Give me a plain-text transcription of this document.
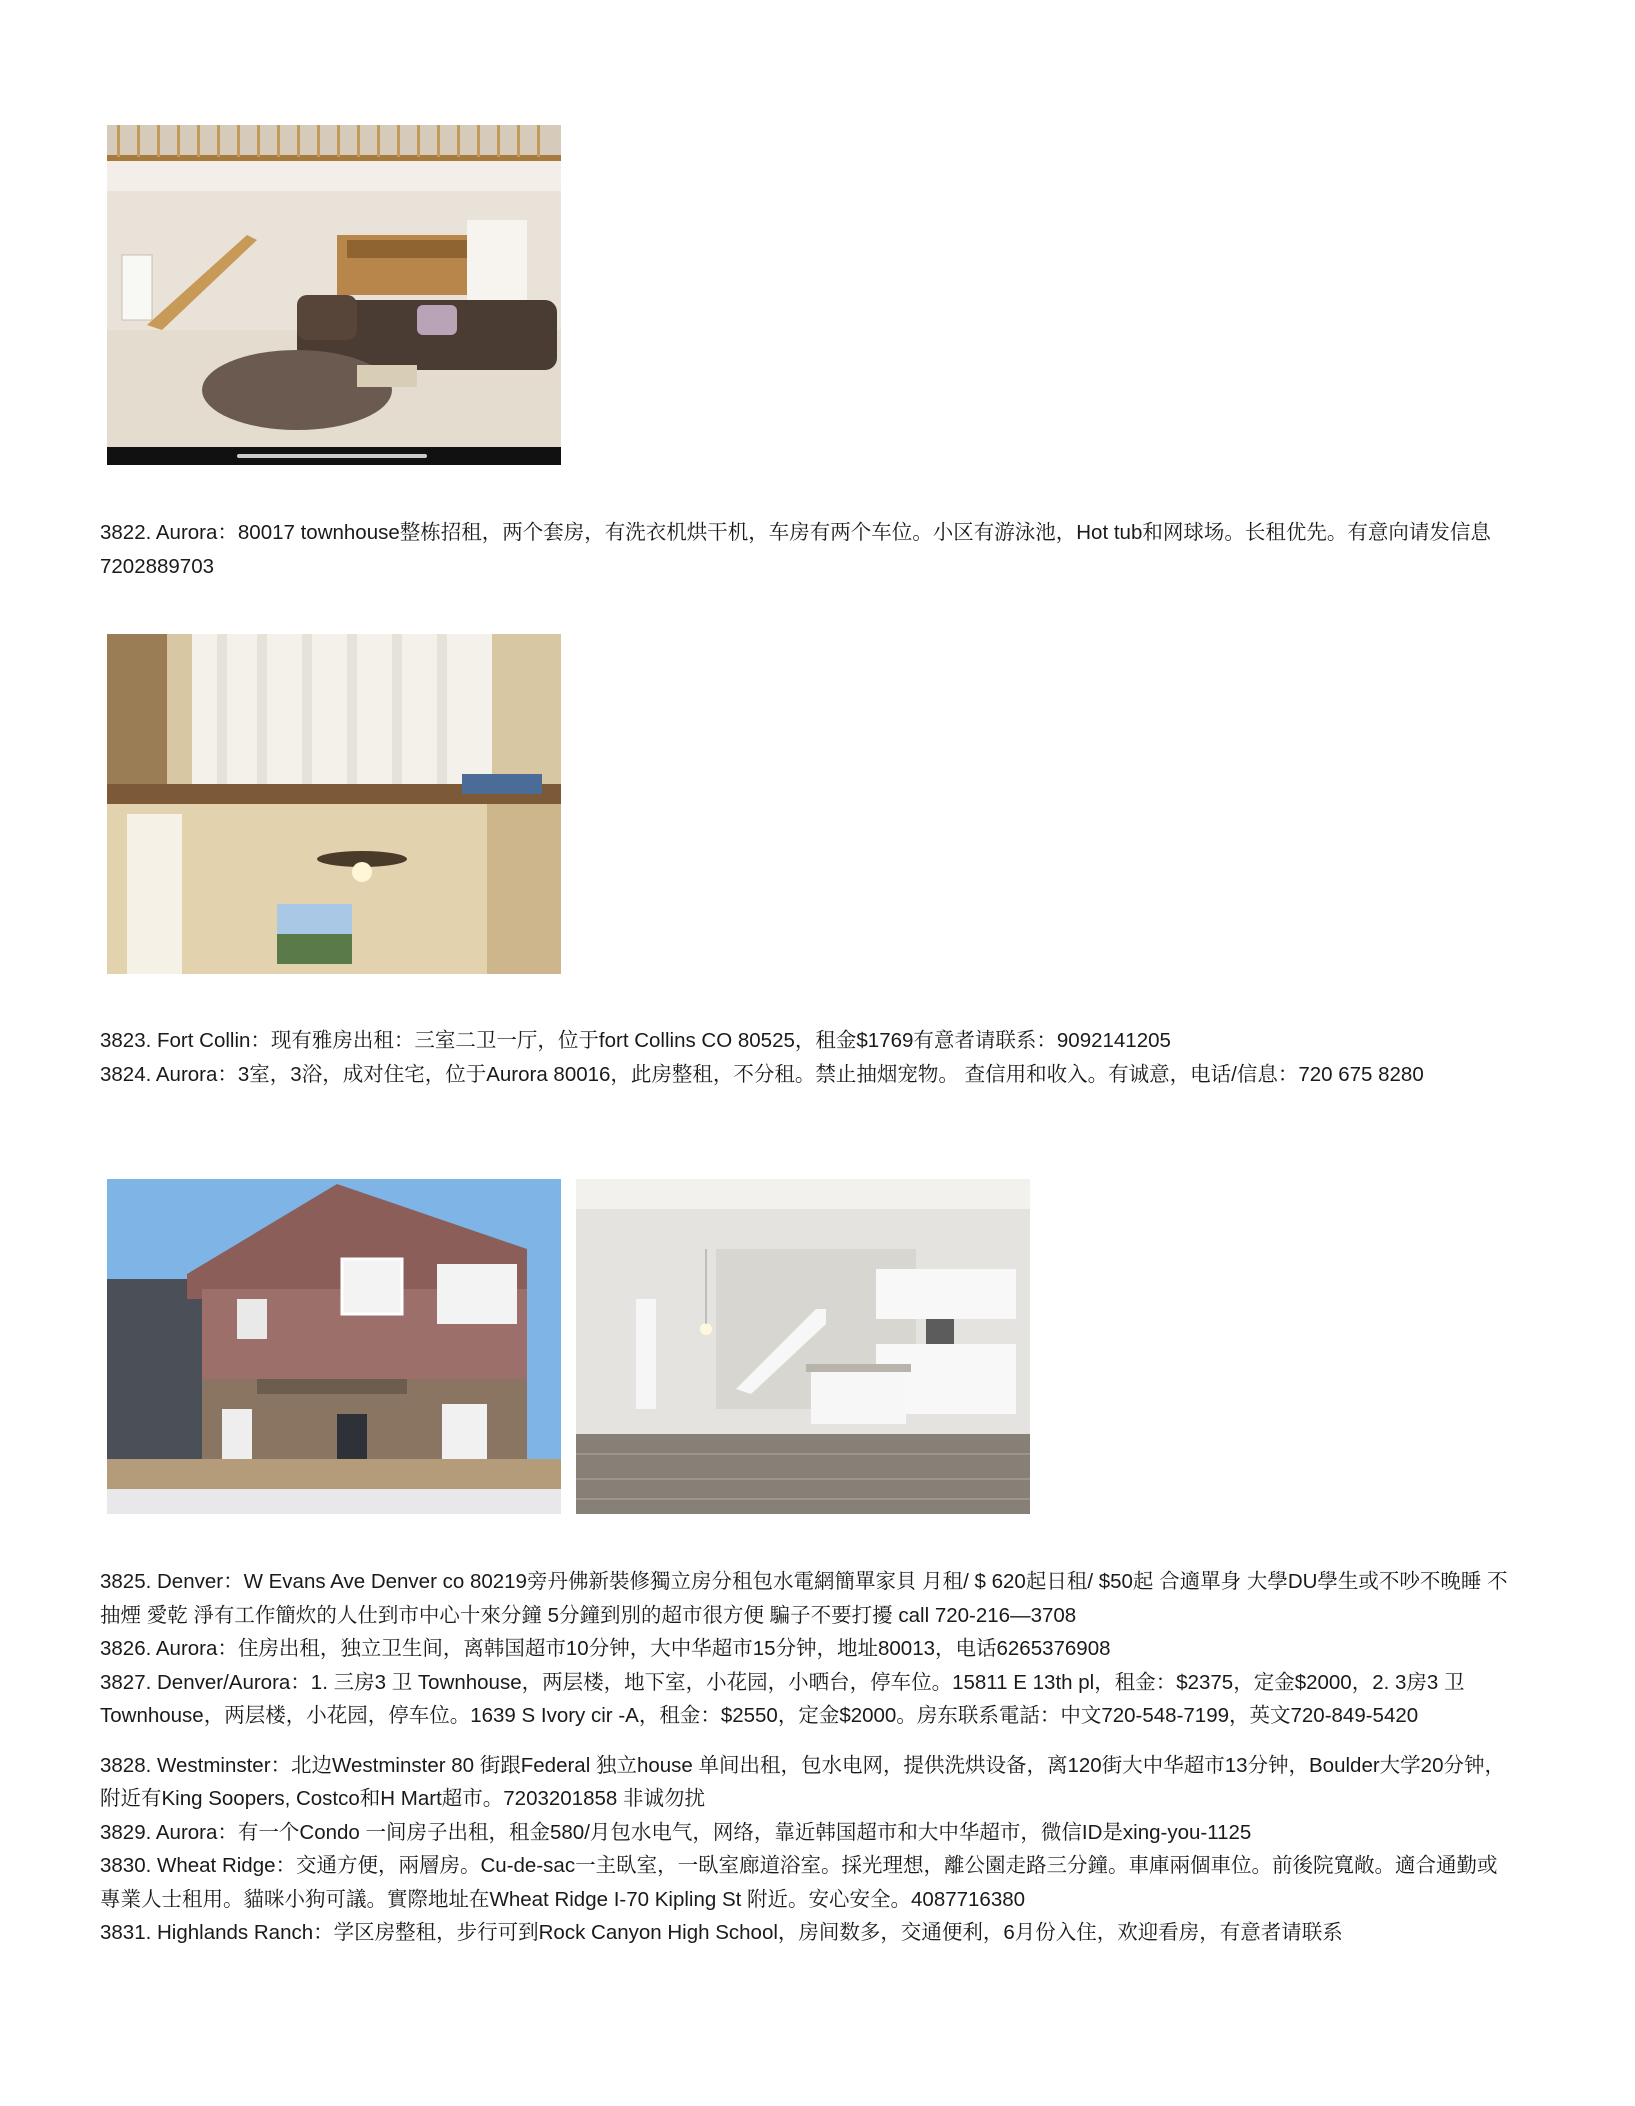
3822. Aurora：80017 townhouse整栋招租，两个套房，有洗衣机烘干机，车房有两个车位。小区有游泳池，Hot tub和网球场。长租优先。有意向请发信息7202889703

3823. Fort Collin：现有雅房出租：三室二卫一厅，位于fort Collins CO 80525，租金$1769有意者请联系：9092141205

3824. Aurora：3室，3浴，成对住宅，位于Aurora 80016，此房整租，不分租。禁止抽烟宠物。 查信用和收入。有诚意，电话/信息：720 675 8280

3825. Denver：W Evans Ave Denver co 80219旁丹佛新裝修獨立房分租包水電網簡單家貝 月租/ $ 620起日租/ $50起 合適單身 大學DU學生或不吵不晚睡 不抽煙 愛乾 淨有工作簡炊的人仕到市中心十來分鐘 5分鐘到別的超市很方便 騙子不要打擾 call 720-216—3708

3826. Aurora：住房出租，独立卫生间，离韩国超市10分钟，大中华超市15分钟，地址80013，电话6265376908

3827. Denver/Aurora：1. 三房3 卫 Townhouse，两层楼，地下室，小花园，小晒台，停车位。15811 E 13th pl，租金：$2375，定金$2000，2. 3房3 卫 Townhouse，两层楼，小花园，停车位。1639 S Ivory cir -A，租金：$2550，定金$2000。房东联系電話：中文720-548-7199，英文720-849-5420

3828. Westminster：北边Westminster 80 街跟Federal 独立house 单间出租，包水电网，提供洗烘设备，离120街大中华超市13分钟，Boulder大学20分钟，附近有King Soopers, Costco和H Mart超市。7203201858 非诚勿扰

3829. Aurora：有一个Condo 一间房子出租，租金580/月包水电气，网络，靠近韩国超市和大中华超市，微信ID是xing-you-1125

3830. Wheat Ridge：交通方便，兩層房。Cu-de-sac一主臥室，一臥室廊道浴室。採光理想，離公園走路三分鐘。車庫兩個車位。前後院寬敞。適合通勤或專業人士租用。貓咪小狗可議。實際地址在Wheat Ridge I-70 Kipling St 附近。安心安全。4087716380

3831. Highlands Ranch：学区房整租，步行可到Rock Canyon High School，房间数多，交通便利，6月份入住，欢迎看房，有意者请联系
